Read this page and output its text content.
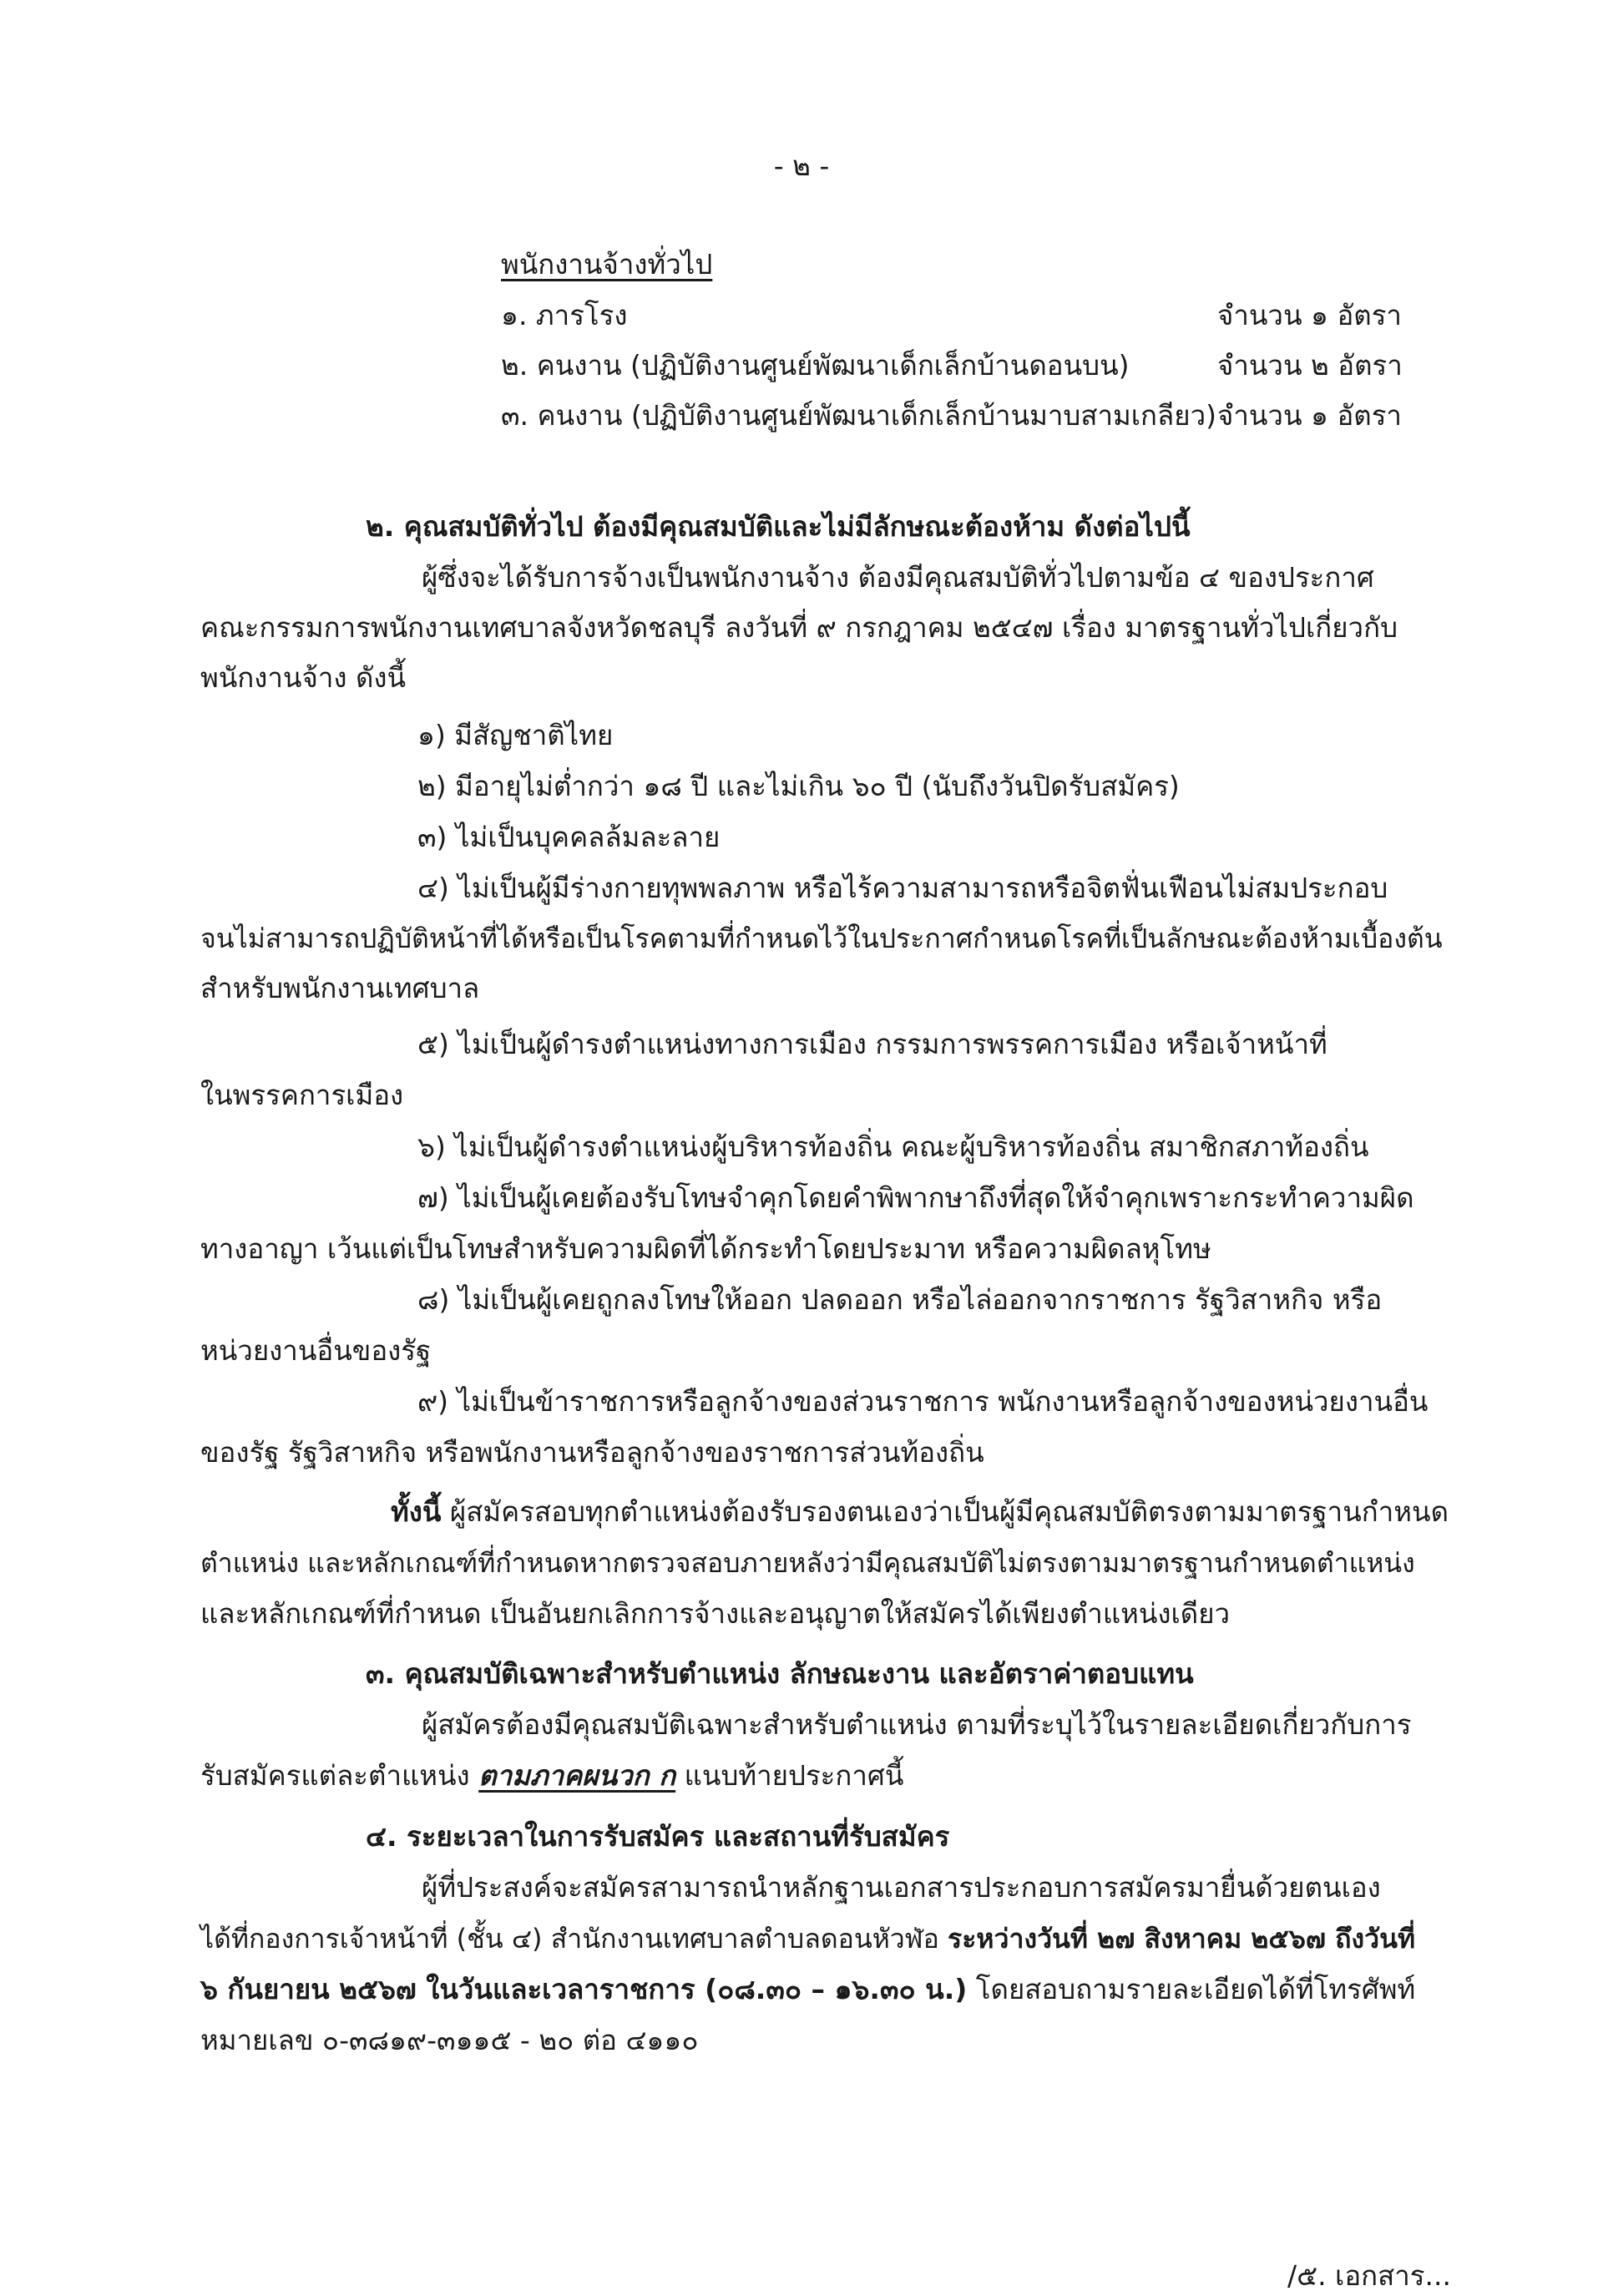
- ๒ -
พนักงานจ้างทั่วไป
๑. ภารโรง	จำนวน ๑ อัตรา
๒. คนงาน (ปฏิบัติงานศูนย์พัฒนาเด็กเล็กบ้านดอนบน)	จำนวน ๒ อัตรา
๓. คนงาน (ปฏิบัติงานศูนย์พัฒนาเด็กเล็กบ้านมาบสามเกลียว) จำนวน ๑ อัตรา
๒. คุณสมบัติทั่วไป ต้องมีคุณสมบัติและไม่มีลักษณะต้องห้าม ดังต่อไปนี้
ผู้ซึ่งจะได้รับการจ้างเป็นพนักงานจ้าง ต้องมีคุณสมบัติทั่วไปตามข้อ ๔ ของประกาศ
คณะกรรมการพนักงานเทศบาลจังหวัดชลบุรี ลงวันที่ ๙ กรกฎาคม ๒๕๔๗ เรื่อง มาตรฐานทั่วไปเกี่ยวกับ
พนักงานจ้าง ดังนี้
๑) มีสัญชาติไทย
๒) มีอายุไม่ต่ำกว่า ๑๘ ปี และไม่เกิน ๖๐ ปี (นับถึงวันปิดรับสมัคร)
๓) ไม่เป็นบุคคลล้มละลาย
๔) ไม่เป็นผู้มีร่างกายทุพพลภาพ หรือไร้ความสามารถหรือจิตฟั่นเฟือนไม่สมประกอบ
จนไม่สามารถปฏิบัติหน้าที่ได้หรือเป็นโรคตามที่กำหนดไว้ในประกาศกำหนดโรคที่เป็นลักษณะต้องห้ามเบื้องต้น
สำหรับพนักงานเทศบาล
๕) ไม่เป็นผู้ดำรงตำแหน่งทางการเมือง กรรมการพรรคการเมือง หรือเจ้าหน้าที่
ในพรรคการเมือง
๖) ไม่เป็นผู้ดำรงตำแหน่งผู้บริหารท้องถิ่น คณะผู้บริหารท้องถิ่น สมาชิกสภาท้องถิ่น
๗) ไม่เป็นผู้เคยต้องรับโทษจำคุกโดยคำพิพากษาถึงที่สุดให้จำคุกเพราะกระทำความผิด
ทางอาญา เว้นแต่เป็นโทษสำหรับความผิดที่ได้กระทำโดยประมาท หรือความผิดลหุโทษ
๘) ไม่เป็นผู้เคยถูกลงโทษให้ออก ปลดออก หรือไล่ออกจากราชการ รัฐวิสาหกิจ หรือ
หน่วยงานอื่นของรัฐ
๙) ไม่เป็นข้าราชการหรือลูกจ้างของส่วนราชการ พนักงานหรือลูกจ้างของหน่วยงานอื่น
ของรัฐ รัฐวิสาหกิจ หรือพนักงานหรือลูกจ้างของราชการส่วนท้องถิ่น
ทั้งนี้ ผู้สมัครสอบทุกตำแหน่งต้องรับรองตนเองว่าเป็นผู้มีคุณสมบัติตรงตามมาตรฐานกำหนด
ตำแหน่ง และหลักเกณฑ์ที่กำหนดหากตรวจสอบภายหลังว่ามีคุณสมบัติไม่ตรงตามมาตรฐานกำหนดตำแหน่ง
และหลักเกณฑ์ที่กำหนด เป็นอันยกเลิกการจ้างและอนุญาตให้สมัครได้เพียงตำแหน่งเดียว
๓. คุณสมบัติเฉพาะสำหรับตำแหน่ง ลักษณะงาน และอัตราค่าตอบแทน
ผู้สมัครต้องมีคุณสมบัติเฉพาะสำหรับตำแหน่ง ตามที่ระบุไว้ในรายละเอียดเกี่ยวกับการ
รับสมัครแต่ละตำแหน่ง ตามภาคผนวก ก แนบท้ายประกาศนี้
๔. ระยะเวลาในการรับสมัคร และสถานที่รับสมัคร
ผู้ที่ประสงค์จะสมัครสามารถนำหลักฐานเอกสารประกอบการสมัครมายื่นด้วยตนเอง
ได้ที่กองการเจ้าหน้าที่ (ชั้น ๔) สำนักงานเทศบาลตำบลดอนหัวฬ่อ ระหว่างวันที่ ๒๗ สิงหาคม ๒๕๖๗ ถึงวันที่
๖ กันยายน ๒๕๖๗ ในวันและเวลาราชการ (๐๘.๓๐ – ๑๖.๓๐ น.) โดยสอบถามรายละเอียดได้ที่โทรศัพท์
หมายเลข ๐-๓๘๑๙-๓๑๑๕ - ๒๐ ต่อ ๔๑๑๐
/๕. เอกสาร...
